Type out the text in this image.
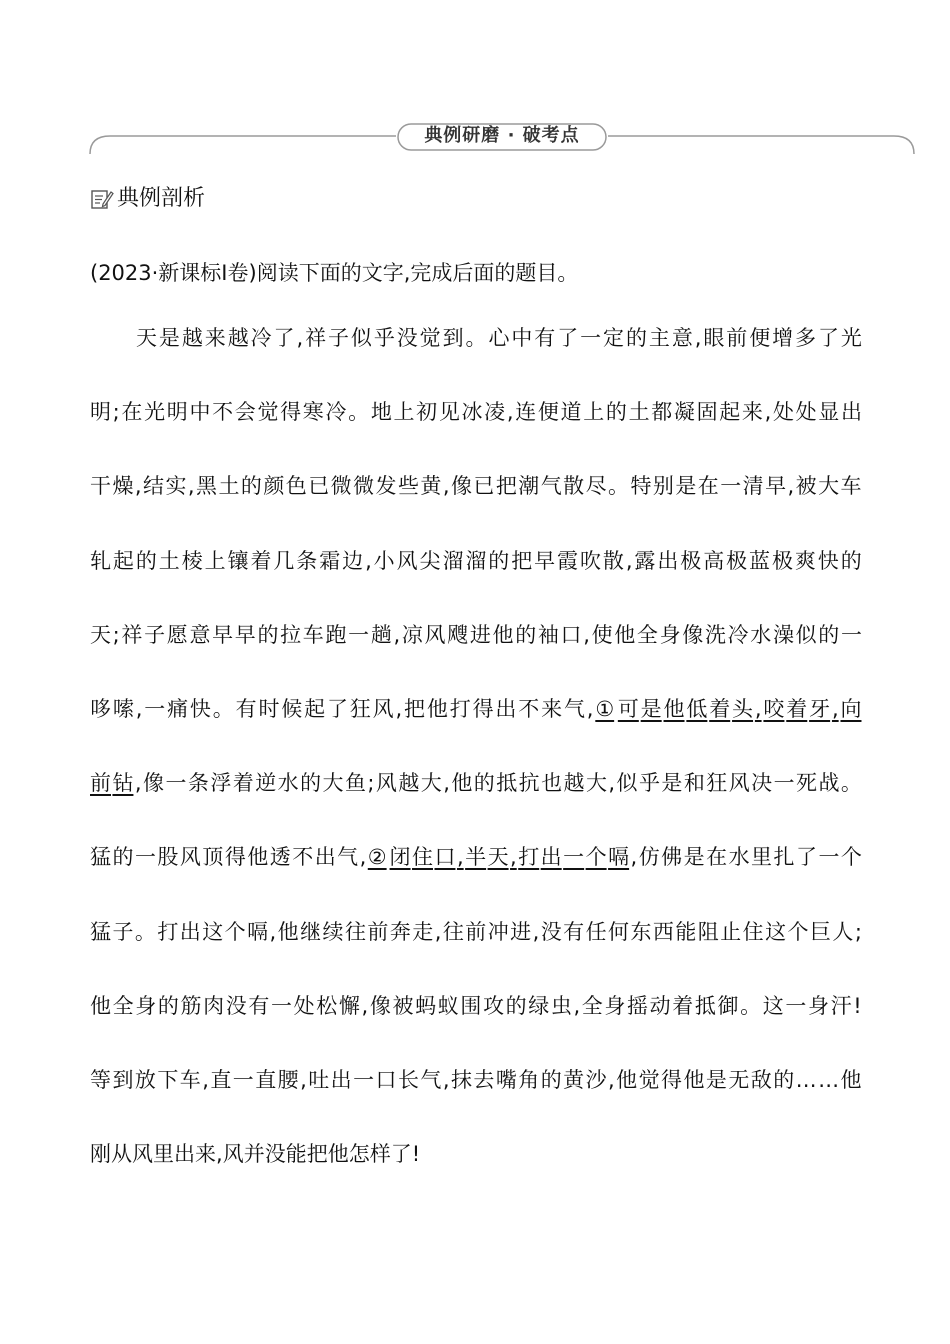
典例研磨 · 破考点
典例剖析
(2023·新课标Ⅰ卷)阅读下面的文字,完成后面的题目。
天 是 越 来 越 冷 了 , 祥 子 似 乎 没 觉 到 。 心 中 有 了 一 定 的 主 意 , 眼 前 便 增 多 了 光
明 ; 在 光 明 中 不 会 觉 得 寒 冷 。 地 上 初 见 冰 凌 , 连 便 道 上 的 土 都 凝 固 起 来 , 处 处 显 出
干 燥 , 结 实 , 黑 土 的 颜 色 已 微 微 发 些 黄 , 像 已 把 潮 气 散 尽 。 特 别 是 在 一 清 早 , 被 大 车
轧 起 的 土 棱 上 镶 着 几 条 霜 边 , 小 风 尖 溜 溜 的 把 早 霞 吹 散 , 露 出 极 高 极 蓝 极 爽 快 的
天 ; 祥 子 愿 意 早 早 的 拉 车 跑 一 趟 , 凉 风 飕 进 他 的 袖 口 , 使 他 全 身 像 洗 冷 水 澡 似 的 一
哆 嗦 , 一 痛 快 。 有 时 候 起 了 狂 风 , 把 他 打 得 出 不 来 气 , ① 可 是 他 低 着 头 , 咬 着 牙 , 向
前 钻 , 像 一 条 浮 着 逆 水 的 大 鱼 ; 风 越 大 , 他 的 抵 抗 也 越 大 , 似 乎 是 和 狂 风 决 一 死 战 。
猛 的 一 股 风 顶 得 他 透 不 出 气 , ② 闭 住 口 , 半 天 , 打 出 一 个 嗝 , 仿 佛 是 在 水 里 扎 了 一 个
猛 子 。 打 出 这 个 嗝 , 他 继 续 往 前 奔 走 , 往 前 冲 进 , 没 有 任 何 东 西 能 阻 止 住 这 个 巨 人 ;
他 全 身 的 筋 肉 没 有 一 处 松 懈 , 像 被 蚂 蚁 围 攻 的 绿 虫 , 全 身 摇 动 着 抵 御 。 这 一 身 汗 !
等 到 放 下 车 , 直 一 直 腰 , 吐 出 一 口 长 气 , 抹 去 嘴 角 的 黄 沙 , 他 觉 得 他 是 无 敌 的 … … 他
刚 从 风 里 出 来 , 风 并 没 能 把 他 怎 样 了 !
